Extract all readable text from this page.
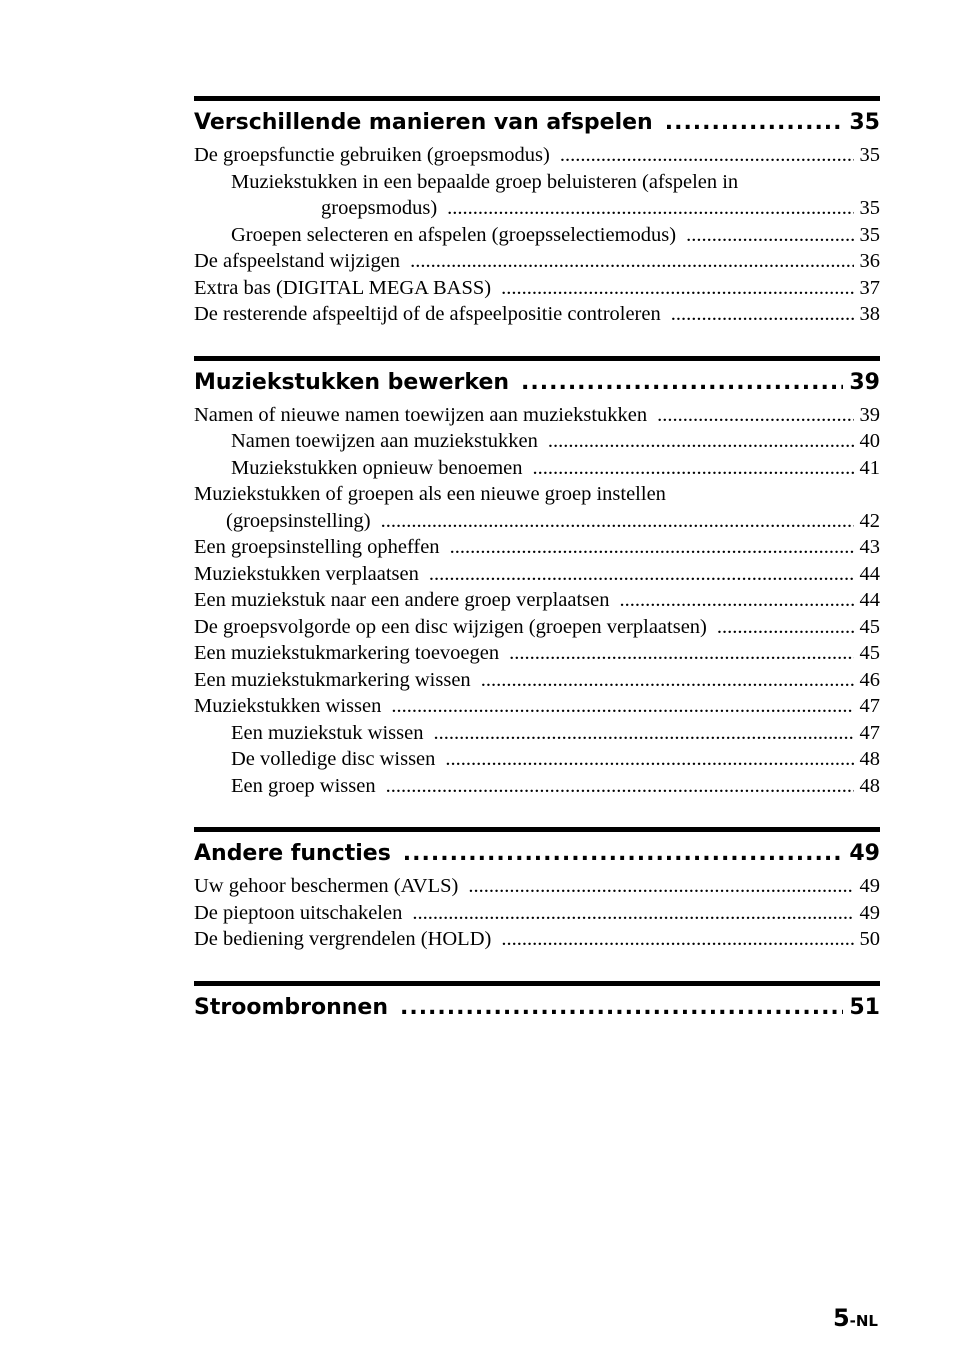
Verschillende manieren van afspelen .....	35
De groepsfunctie gebruiken (groepsmodus) .....	35
Muziekstukken in een bepaalde groep beluisteren (afspelen in
groepsmodus) .....	35
Groepen selecteren en afspelen (groepsselectiemodus) .....	35
De afspeelstand wijzigen .....	36
Extra bas (DIGITAL MEGA BASS) .....	37
De resterende afspeeltijd of de afspeelpositie controleren .....	38
Muziekstukken bewerken .....	39
Namen of nieuwe namen toewijzen aan muziekstukken .....	39
Namen toewijzen aan muziekstukken .....	40
Muziekstukken opnieuw benoemen .....	41
Muziekstukken of groepen als een nieuwe groep instellen
(groepsinstelling) .....	42
Een groepsinstelling opheffen .....	43
Muziekstukken verplaatsen .....	44
Een muziekstuk naar een andere groep verplaatsen .....	44
De groepsvolgorde op een disc wijzigen (groepen verplaatsen) .....	45
Een muziekstukmarkering toevoegen .....	45
Een muziekstukmarkering wissen .....	46
Muziekstukken wissen .....	47
Een muziekstuk wissen .....	47
De volledige disc wissen .....	48
Een groep wissen .....	48
Andere functies .....	49
Uw gehoor beschermen (AVLS) .....	49
De pieptoon uitschakelen .....	49
De bediening vergrendelen (HOLD) .....	50
Stroombronnen .....	51
5-NL
